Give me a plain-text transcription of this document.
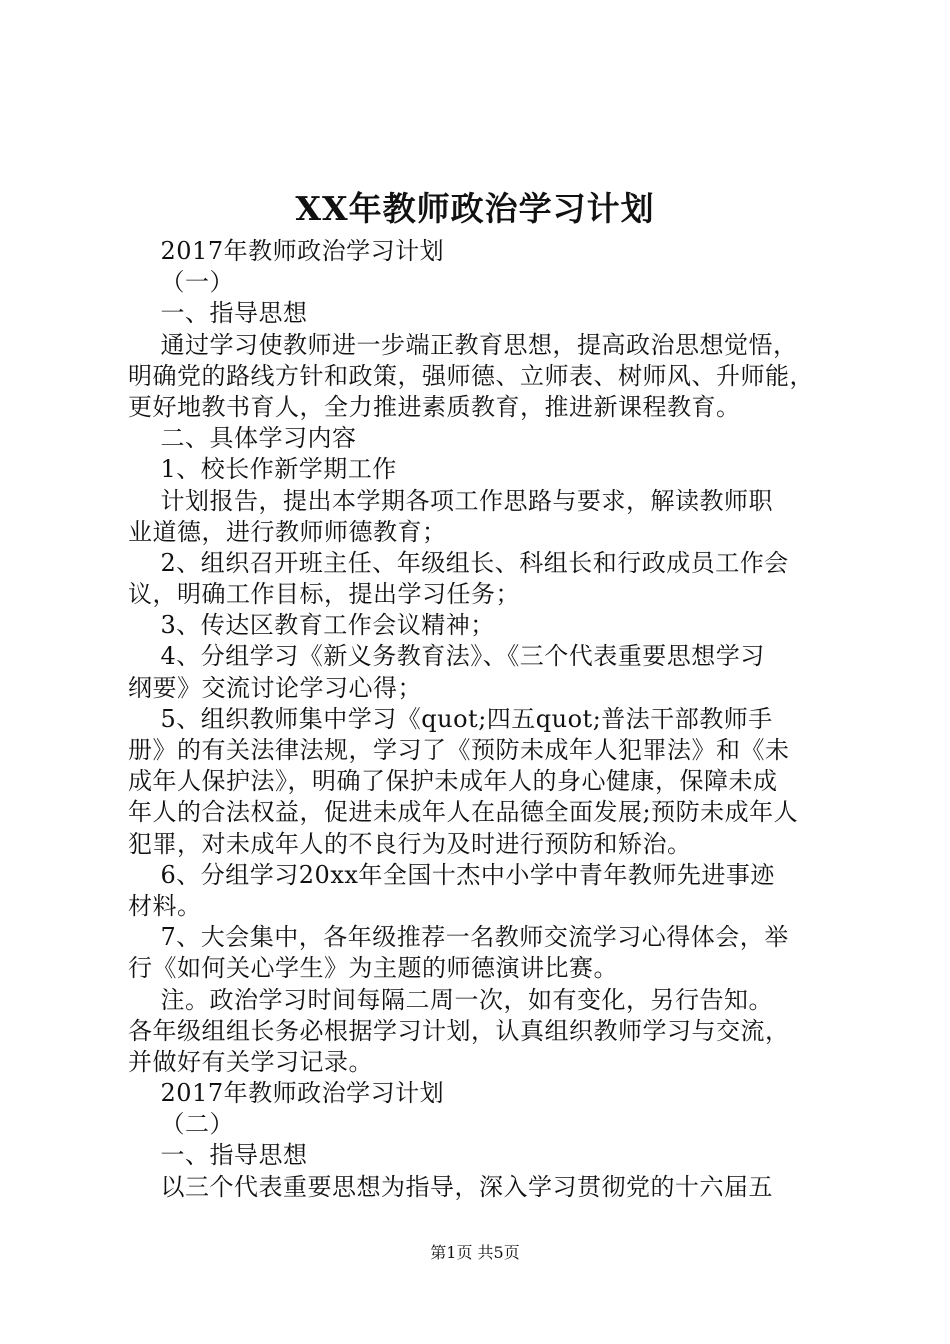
XX年教师政治学习计划
2017年教师政治学习计划
（一）
一、指导思想
通过学习使教师进一步端正教育思想，提高政治思想觉悟，
明确党的路线方针和政策，强师德、立师表、树师风、升师能，
更好地教书育人，全力推进素质教育，推进新课程教育。
二、具体学习内容
1、校长作新学期工作
计划报告，提出本学期各项工作思路与要求，解读教师职
业道德，进行教师师德教育；
2、组织召开班主任、年级组长、科组长和行政成员工作会
议，明确工作目标，提出学习任务；
3、传达区教育工作会议精神；
4、分组学习《新义务教育法》、《三个代表重要思想学习
纲要》交流讨论学习心得；
5、组织教师集中学习《quot;四五quot;普法干部教师手
册》的有关法律法规，学习了《预防未成年人犯罪法》和《未
成年人保护法》，明确了保护未成年人的身心健康，保障未成
年人的合法权益，促进未成年人在品德全面发展;预防未成年人
犯罪，对未成年人的不良行为及时进行预防和矫治。
6、分组学习20xx年全国十杰中小学中青年教师先进事迹
材料。
7、大会集中，各年级推荐一名教师交流学习心得体会，举
行《如何关心学生》为主题的师德演讲比赛。
注。政治学习时间每隔二周一次，如有变化，另行告知。
各年级组组长务必根据学习计划，认真组织教师学习与交流，
并做好有关学习记录。
2017年教师政治学习计划
（二）
一、指导思想
以三个代表重要思想为指导，深入学习贯彻党的十六届五
第1页 共5页
